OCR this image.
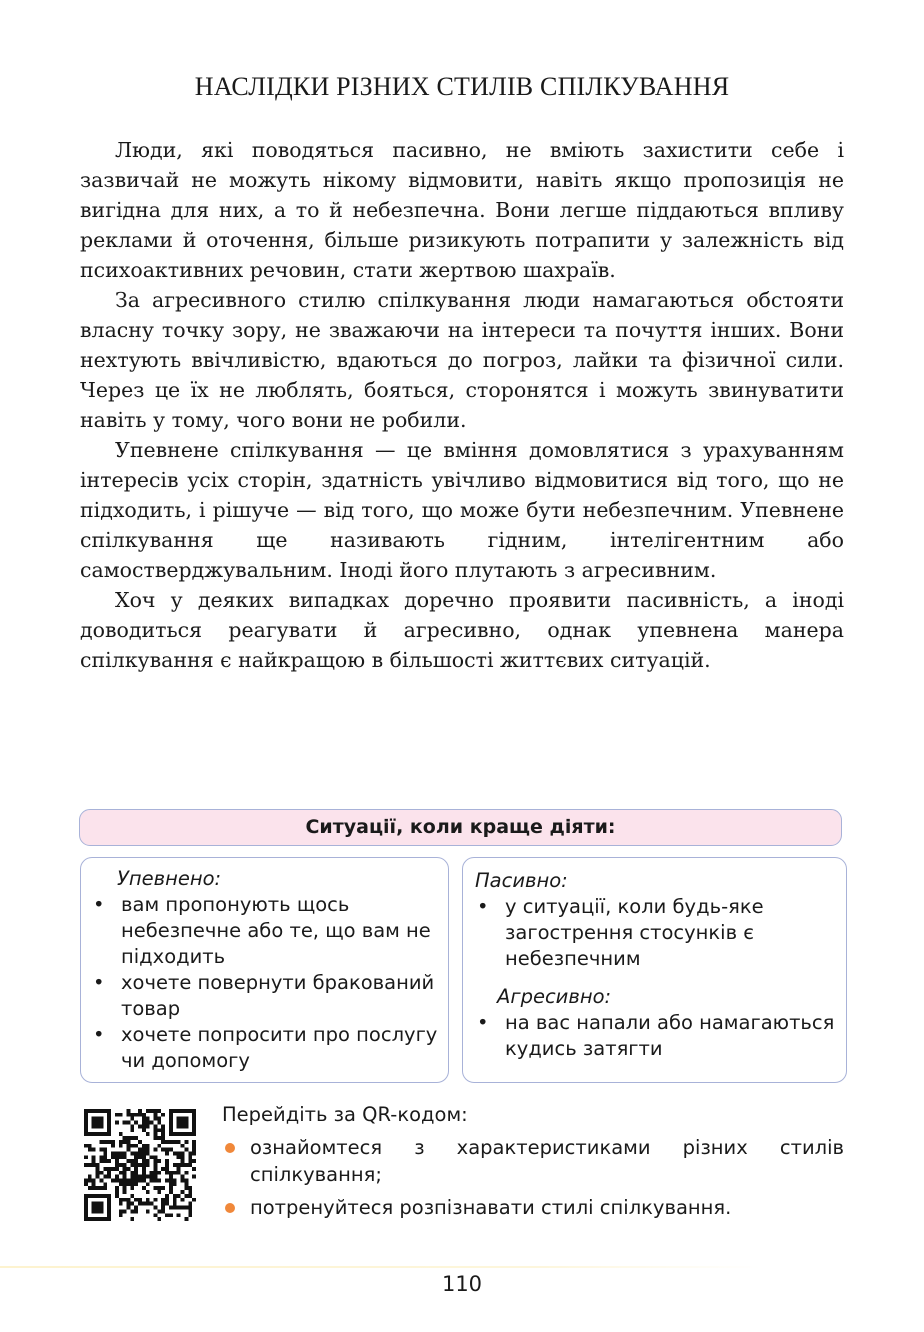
НАСЛІДКИ РІЗНИХ СТИЛІВ СПІЛКУВАННЯ

Люди, які поводяться пасивно, не вміють захистити себе і зазвичай не можуть нікому відмовити, навіть якщо пропозиція не вигідна для них, а то й небезпечна. Вони легше піддаються впливу реклами й оточення, більше ризикують потрапити у залежність від психоактивних речовин, стати жертвою шахраїв.

За агресивного стилю спілкування люди намагаються обстояти власну точку зору, не зважаючи на інтереси та почуття інших. Вони нехтують ввічливістю, вдаються до погроз, лайки та фізичної сили. Через це їх не люблять, бояться, сторонятся і можуть звинуватити навіть у тому, чого вони не робили.

Упевнене спілкування — це вміння домовлятися з урахуванням інтересів усіх сторін, здатність увічливо відмовитися від того, що не підходить, і рішуче — від того, що може бути небезпечним. Упевнене спілкування ще називають гідним, інтелігентним або самостверджувальним. Іноді його плутають з агресивним.

Хоч у деяких випадках доречно проявити пасивність, а іноді доводиться реагувати й агресивно, однак упевнена манера спілкування є найкращою в більшості життєвих ситуацій.

Ситуації, коли краще діяти:
Упевнено:
• вам пропонують щось небезпечне або те, що вам не підходить
• хочете повернути бракований товар
• хочете попросити про послугу чи допомогу
Пасивно:
• у ситуації, коли будь-яке загострення стосунків є небезпечним
Агресивно:
• на вас напали або намагаються кудись затягти

Перейдіть за QR-кодом:

ознайомтеся з характеристиками різних стилів спілкування;
потренуйтеся розпізнавати стилі спілкування.
110
